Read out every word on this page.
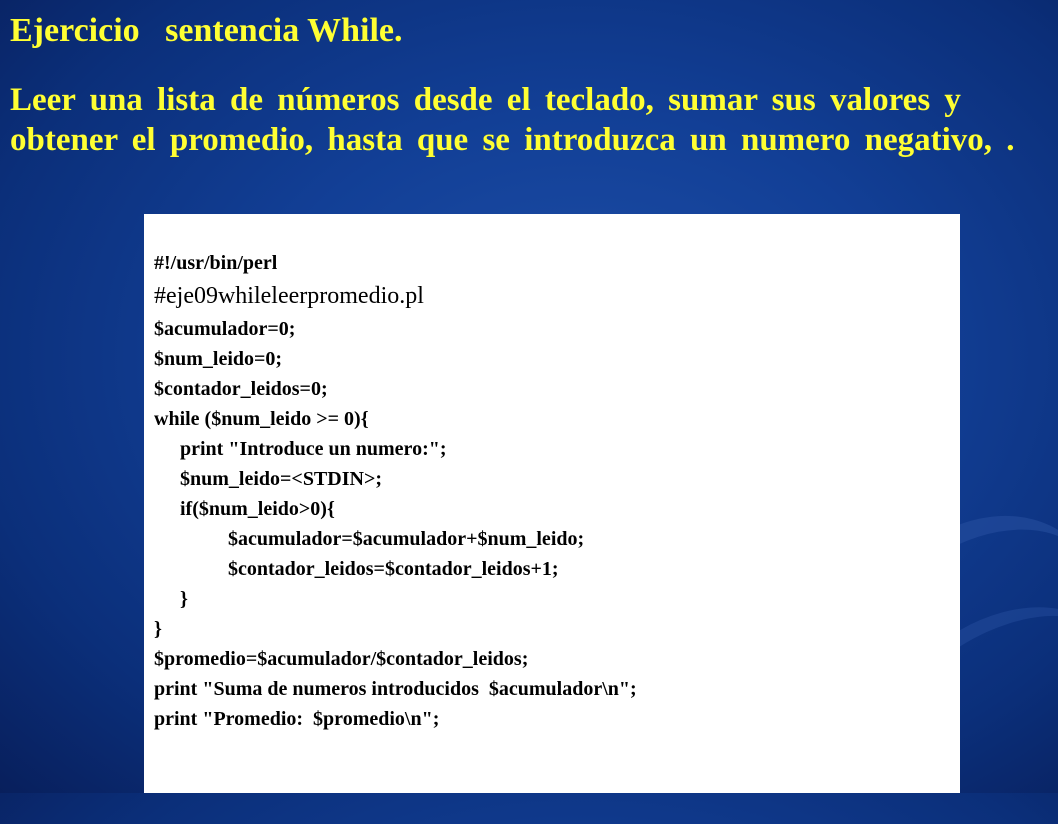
Ejercicio   sentencia While.
Leer una lista de números desde el teclado, sumar sus valores y obtener el promedio, hasta que se introduzca un numero negativo, .
#!/usr/bin/perl
#eje09whileleerpromedio.pl
$acumulador=0;
$num_leido=0;
$contador_leidos=0;
while ($num_leido >= 0){
print "Introduce un numero:";
$num_leido=<STDIN>;
if($num_leido>0){
$acumulador=$acumulador+$num_leido;
$contador_leidos=$contador_leidos+1;
}
}
$promedio=$acumulador/$contador_leidos;
print "Suma de numeros introducidos  $acumulador\n";
print "Promedio:  $promedio\n";
